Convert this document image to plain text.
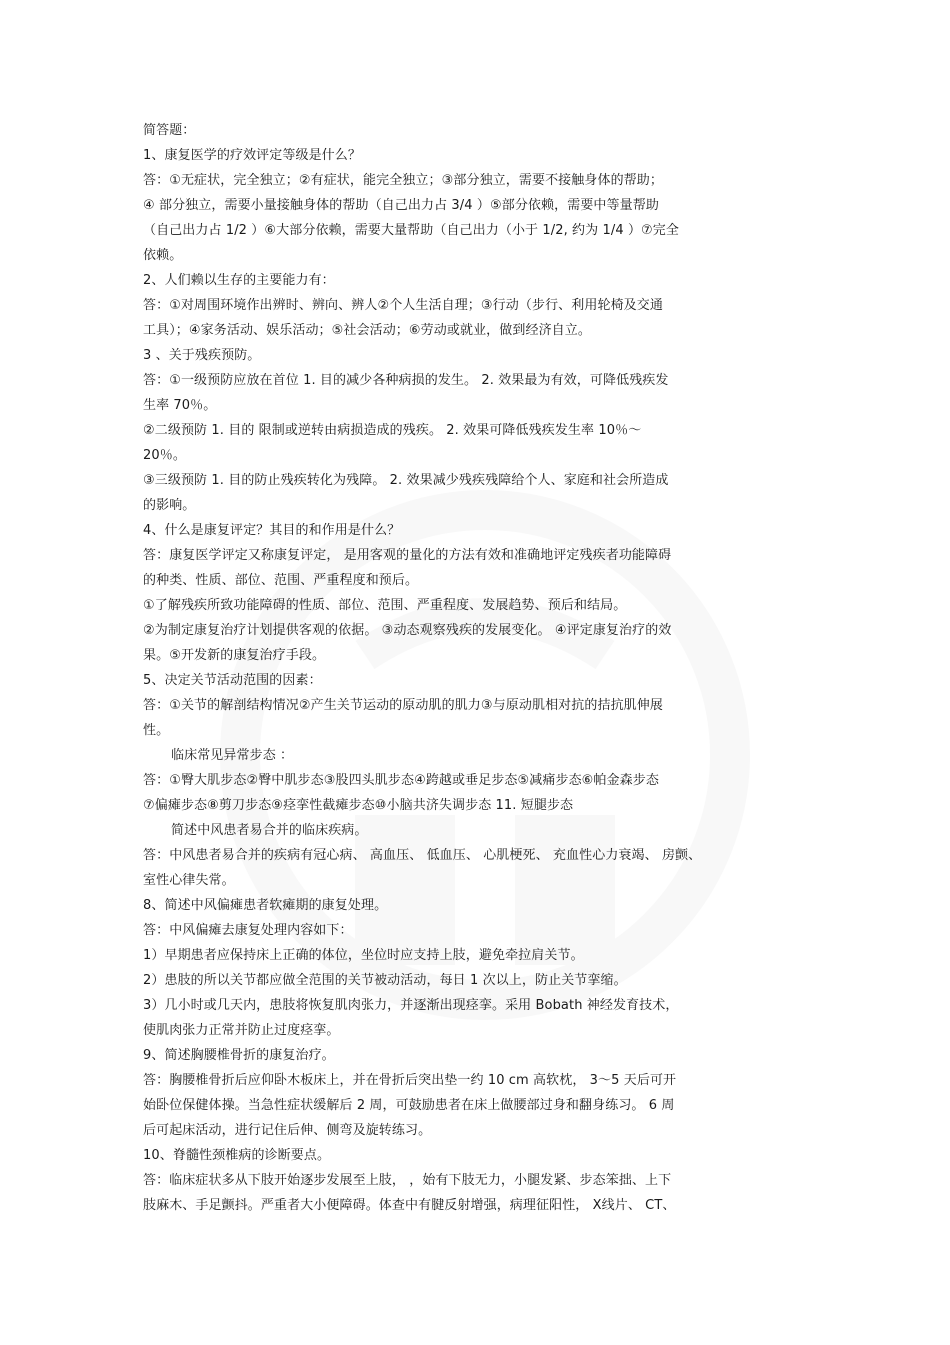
简答题：
1、康复医学的疗效评定等级是什么？
答：①无症状，完全独立；②有症状，能完全独立；③部分独立，需要不接触身体的帮助；
④ 部分独立，需要小量接触身体的帮助（自己出力占 3/4 ）⑤部分依赖，需要中等量帮助
（自己出力占 1/2 ）⑥大部分依赖，需要大量帮助（自己出力（小于 1/2, 约为 1/4 ）⑦完全
依赖。
2、人们赖以生存的主要能力有：
答：①对周围环境作出辨时、辨向、辨人②个人生活自理；③行动（步行、利用轮椅及交通
工具）；④家务活动、娱乐活动；⑤社会活动；⑥劳动或就业，做到经济自立。
3 、关于残疾预防。
答：①一级预防应放在首位 1. 目的减少各种病损的发生。 2. 效果最为有效，可降低残疾发
生率 70％。
②二级预防 1. 目的 限制或逆转由病损造成的残疾。 2. 效果可降低残疾发生率 10％～
20％。
③三级预防 1. 目的防止残疾转化为残障。 2. 效果减少残疾残障给个人、家庭和社会所造成
的影响。
4、什么是康复评定？其目的和作用是什么？
答：康复医学评定又称康复评定， 是用客观的量化的方法有效和准确地评定残疾者功能障碍
的种类、性质、部位、范围、严重程度和预后。
①了解残疾所致功能障碍的性质、部位、范围、严重程度、发展趋势、预后和结局。
②为制定康复治疗计划提供客观的依据。 ③动态观察残疾的发展变化。 ④评定康复治疗的效
果。⑤开发新的康复治疗手段。
5、决定关节活动范围的因素：
答：①关节的解剖结构情况②产生关节运动的原动肌的肌力③与原动肌相对抗的拮抗肌伸展
性。
临床常见异常步态 ：
答：①臀大肌步态②臀中肌步态③股四头肌步态④跨越或垂足步态⑤减痛步态⑥帕金森步态
⑦偏瘫步态⑧剪刀步态⑨痉挛性截瘫步态⑩小脑共济失调步态 11. 短腿步态
简述中风患者易合并的临床疾病。
答：中风患者易合并的疾病有冠心病、 高血压、 低血压、 心肌梗死、 充血性心力衰竭、 房颤、
室性心律失常。
8、简述中风偏瘫患者软瘫期的康复处理。
答：中风偏瘫去康复处理内容如下：
1）早期患者应保持床上正确的体位，坐位时应支持上肢，避免牵拉肩关节。
2）患肢的所以关节都应做全范围的关节被动活动，每日 1 次以上，防止关节挛缩。
3）几小时或几天内，患肢将恢复肌肉张力，并逐渐出现痉挛。采用 Bobath 神经发育技术，
使肌肉张力正常并防止过度痉挛。
9、简述胸腰椎骨折的康复治疗。
答：胸腰椎骨折后应仰卧木板床上，并在骨折后突出垫一约 10 cm 高软枕， 3～5 天后可开
始卧位保健体操。当急性症状缓解后 2 周，可鼓励患者在床上做腰部过身和翻身练习。 6 周
后可起床活动，进行记住后伸、侧弯及旋转练习。
10、脊髓性颈椎病的诊断要点。
答：临床症状多从下肢开始逐步发展至上肢， ，始有下肢无力，小腿发紧、步态笨拙、上下
肢麻木、手足颤抖。严重者大小便障碍。体查中有腱反射增强，病理征阳性， X线片、 CT、
